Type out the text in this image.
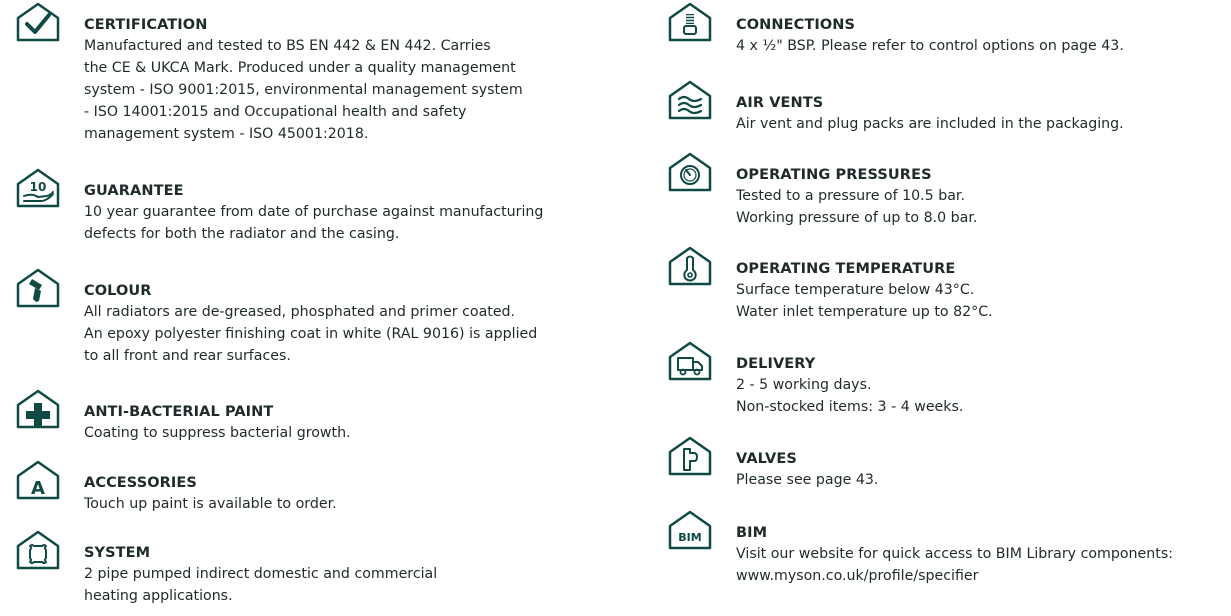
CERTIFICATION

Manufactured and tested to BS EN 442 & EN 442. Carries
the CE & UKCA Mark. Produced under a quality management
system - ISO 9001:2015, environmental management system
- ISO 14001:2015 and Occupational health and safety
management system - ISO 45001:2018.

10	GUARANTEE

10 year guarantee from date of purchase against manufacturing
defects for both the radiator and the casing.

COLOUR

All radiators are de-greased, phosphated and primer coated.
An epoxy polyester finishing coat in white (RAL 9016) is applied
to all front and rear surfaces.

ANTI-BACTERIAL PAINT

Coating to suppress bacterial growth.

A	ACCESSORIES

Touch up paint is available to order.

SYSTEM

2 pipe pumped indirect domestic and commercial
heating applications.

CONNECTIONS

4 x ½" BSP. Please refer to control options on page 43.

AIR VENTS

Air vent and plug packs are included in the packaging.

OPERATING PRESSURES

Tested to a pressure of 10.5 bar.
Working pressure of up to 8.0 bar.

OPERATING TEMPERATURE

Surface temperature below 43°C.
Water inlet temperature up to 82°C.

DELIVERY

2 - 5 working days.
Non-stocked items: 3 - 4 weeks.

VALVES

Please see page 43.

BIM BIM

Visit our website for quick access to BIM Library components:
www.myson.co.uk/profile/specifier
